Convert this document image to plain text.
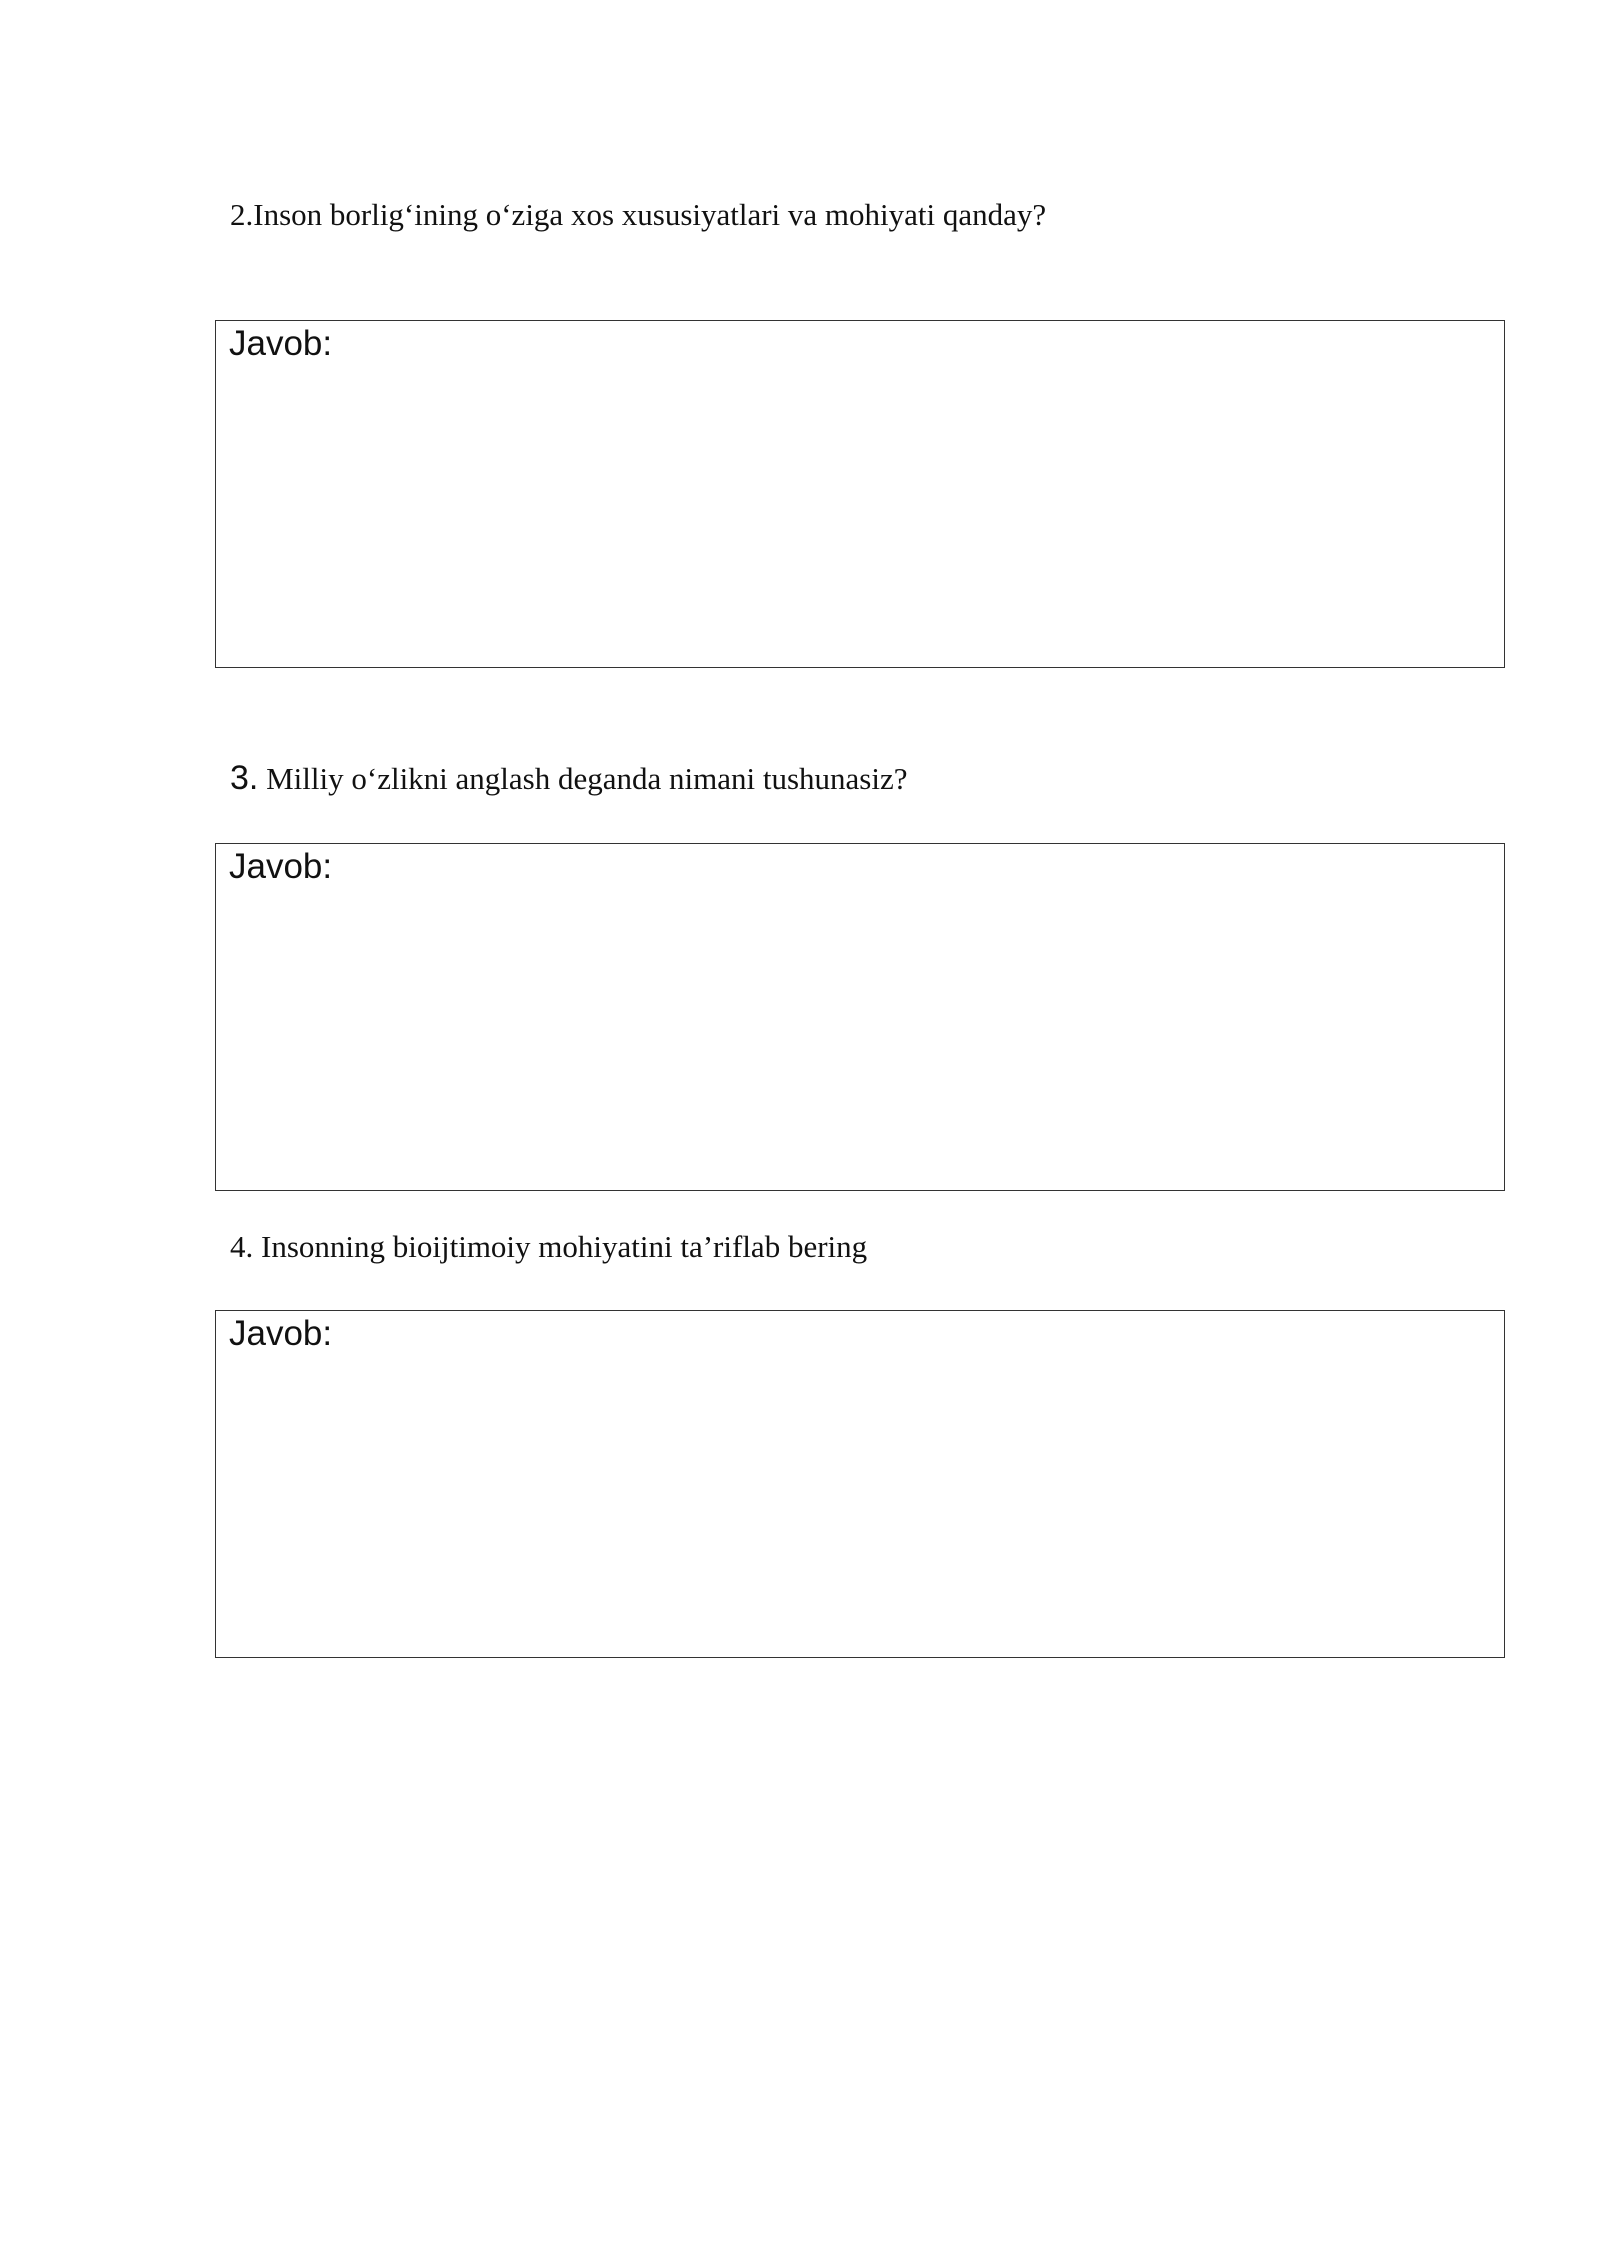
2.Inson borlig‘ining o‘ziga xos xususiyatlari va mohiyati qanday?

Javob:

3. Milliy o‘zlikni anglash deganda nimani tushunasiz?

Javob:

4. Insonning bioijtimoiy mohiyatini ta’riflab bering

Javob:
